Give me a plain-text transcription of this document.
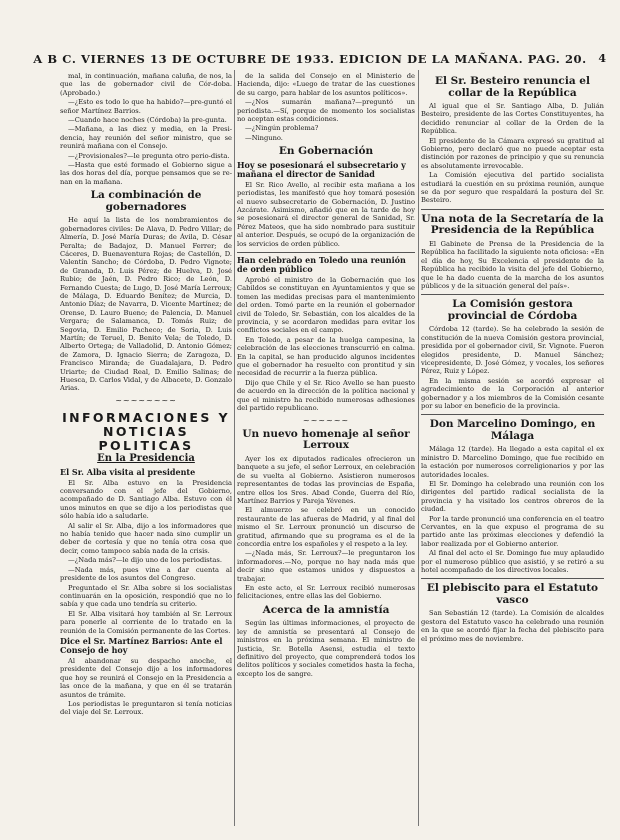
A B C. VIERNES 13 DE OCTUBRE DE 1933. EDICION DE LA MAÑANA. PAG. 20.	4

mal, in continuación, mañana caluña, de nos, la que las de gobernador civil de Cór-doba. (Aprobado.)

—¿Esto es todo lo que ha habido?—pre-guntó el señor Martínez Barrios.

—Cuando hace noches (Córdoba) la pre-gunta.

—Mañana, a las diez y media, en la Presi-dencia, hay reunión del señor ministro, que se reunirá mañana con el Consejo.

—¿Provisionales?—le pregunta otro perio-dista.

—Hasta que esté formado el Gobierno sigue a las dos horas del día, porque pensamos que se re-nan en la mañana.

La combinación de gobernadores

He aquí la lista de los nombramientos de gobernadores civiles: De Alava, D. Pedro Villar; de Almería, D. José María Duras; de Ávila, D. César Peralta; de Badajoz, D. Manuel Ferrer; de Cáceres, D. Buenaventura Rojas; de Castellón, D. Valentín Sancho; de Córdoba, D. Pedro Vignote; de Granada, D. Luis Pérez; de Huelva, D. José Rubio; de Jaén, D. Pedro Rico; de León, D. Fernando Cuesta; de Lugo, D. José María Lerroux; de Málaga, D. Eduardo Benítez; de Murcia, D. Antonio Díaz; de Navarra, D. Vicente Martínez; de Orense, D. Lauro Bueno; de Palencia, D. Manuel Vergara; de Salamanca, D. Tomás Ruiz; de Segovia, D. Emilio Pacheco; de Soria, D. Luis Martín; de Teruel, D. Benito Vela; de Toledo, D. Alberto Ortega; de Valladolid, D. Antonio Gómez; de Zamora, D. Ignacio Sierra; de Zaragoza, D. Francisco Miranda; de Guadalajara, D. Pedro Uriarte; de Ciudad Real, D. Emilio Salinas; de Huesca, D. Carlos Vidal, y de Albacete, D. Gonzalo Arias.

~~~~~~~~
INFORMACIONES Y NOTICIAS POLITICAS
En la Presidencia
El Sr. Alba visita al presidente

El Sr. Alba estuvo en la Presidencia conversando con el jefe del Gobierno, acompañado de D. Santiago Alba. Estuvo con él unos minutos en que se dijo a los periodistas que sólo había ido a saludarle.

Al salir el Sr. Alba, dijo a los informadores que no había tenido que hacer nada sino cumplir un deber de cortesía y que no tenía otra cosa que decir, como tampoco sabía nada de la crisis.

—¿Nada más?—le dijo uno de los periodistas.

—Nada más, pues vine a dar cuenta al presidente de los asuntos del Congreso.

Preguntado el Sr. Alba sobre si los socialistas continuarán en la oposición, respondió que no lo sabía y que cada uno tendría su criterio.

El Sr. Alba visitará hoy también al Sr. Lerroux para ponerle al corriente de lo tratado en la reunión de la Comisión permanente de las Cortes.

Dice el Sr. Martínez Barrios: Ante el Consejo de hoy

Al abandonar su despacho anoche, el presidente del Consejo dijo a los informadores que hoy se reunirá el Consejo en la Presidencia a las once de la mañana, y que en él se tratarán asuntos de trámite.

Los periodistas le preguntaron si tenía noticias del viaje del Sr. Lerroux.

de la salida del Consejo en el Ministerio de Hacienda, dijo: «Luego de tratar de las cuestiones de su cargo, para hablar de los asuntos políticos».

—¿Nos sumarán mañana?—preguntó un periodista.—Sí, porque de momento los socialistas no aceptan estas condiciones.

—¿Ningún problema?

—Ninguno.

En Gobernación
Hoy se posesionará el subsecretario y mañana el director de Sanidad

El Sr. Rico Avello, al recibir esta mañana a los periodistas, les manifestó que hoy tomará posesión el nuevo subsecretario de Gobernación, D. Justino Azcárate. Asimismo, añadió que en la tarde de hoy se posesionará el director general de Sanidad, Sr. Pérez Mateos, que ha sido nombrado para sustituir al anterior. Después, se ocupó de la organización de los servicios de orden público.

Han celebrado en Toledo una reunión de orden público

Aprobó el ministro de la Gobernación que los Cabildos se constituyan en Ayuntamientos y que se tomen las medidas precisas para el mantenimiento del orden. Tomó parte en la reunión el gobernador civil de Toledo, Sr. Sebastián, con los alcaldes de la provincia, y se acordaron medidas para evitar los conflictos sociales en el campo.

En Toledo, a pesar de la huelga campesina, la celebración de las elecciones transcurrió en calma. En la capital, se han producido algunos incidentes que el gobernador ha resuelto con prontitud y sin necesidad de recurrir a la fuerza pública.

Dijo que Chile y el Sr. Rico Avello se han puesto de acuerdo en la dirección de la política nacional y que el ministro ha recibido numerosas adhesiones del partido republicano.

~~~~~~
Un nuevo homenaje al señor Lerroux

Ayer los ex diputados radicales ofrecieron un banquete a su jefe, el señor Lerroux, en celebración de su vuelta al Gobierno. Asistieron numerosos representantes de todas las provincias de España, entre ellos los Sres. Abad Conde, Guerra del Río, Martínez Barrios y Pareja Yévenes.

El almuerzo se celebró en un conocido restaurante de las afueras de Madrid, y al final del mismo el Sr. Lerroux pronunció un discurso de gratitud, afirmando que su programa es el de la concordia entre los españoles y el respeto a la ley.

—¿Nada más, Sr. Lerroux?—le preguntaron los informadores.—No, porque no hay nada más que decir sino que estamos unidos y dispuestos a trabajar.

En este acto, el Sr. Lerroux recibió numerosas felicitaciones, entre ellas las del Gobierno.

Acerca de la amnistía

Según las últimas informaciones, el proyecto de ley de amnistía se presentará al Consejo de ministros en la próxima semana. El ministro de Justicia, Sr. Botella Asensi, estudia el texto definitivo del proyecto, que comprenderá todos los delitos políticos y sociales cometidos hasta la fecha, excepto los de sangre.

El Sr. Besteiro renuncia el collar de la República

Al igual que el Sr. Santiago Alba, D. Julián Besteiro, presidente de las Cortes Constituyentes, ha decidido renunciar al collar de la Orden de la República.

El presidente de la Cámara expresó su gratitud al Gobierno, pero declaró que no puede aceptar esta distinción por razones de principio y que su renuncia es absolutamente irrevocable.

La Comisión ejecutiva del partido socialista estudiará la cuestión en su próxima reunión, aunque se da por seguro que respaldará la postura del Sr. Besteiro.

Una nota de la Secretaría de la Presidencia de la República

El Gabinete de Prensa de la Presidencia de la República ha facilitado la siguiente nota oficiosa: «En el día de hoy, Su Excelencia el presidente de la República ha recibido la visita del jefe del Gobierno, que le ha dado cuenta de la marcha de los asuntos públicos y de la situación general del país».

La Comisión gestora provincial de Córdoba

Córdoba 12 (tarde). Se ha celebrado la sesión de constitución de la nueva Comisión gestora provincial, presidida por el gobernador civil, Sr. Vignote. Fueron elegidos presidente, D. Manuel Sánchez; vicepresidente, D. José Gómez, y vocales, los señores Pérez, Ruiz y López.

En la misma sesión se acordó expresar el agradecimiento de la Corporación al anterior gobernador y a los miembros de la Comisión cesante por su labor en beneficio de la provincia.

Don Marcelino Domingo, en Málaga

Málaga 12 (tarde). Ha llegado a esta capital el ex ministro D. Marcelino Domingo, que fue recibido en la estación por numerosos correligionarios y por las autoridades locales.

El Sr. Domingo ha celebrado una reunión con los dirigentes del partido radical socialista de la provincia y ha visitado los centros obreros de la ciudad.

Por la tarde pronunció una conferencia en el teatro Cervantes, en la que expuso el programa de su partido ante las próximas elecciones y defendió la labor realizada por el Gobierno anterior.

Al final del acto el Sr. Domingo fue muy aplaudido por el numeroso público que asistió, y se retiró a su hotel acompañado de los directivos locales.

El plebiscito para el Estatuto vasco

San Sebastián 12 (tarde). La Comisión de alcaldes gestora del Estatuto vasco ha celebrado una reunión en la que se acordó fijar la fecha del plebiscito para el próximo mes de noviembre.
